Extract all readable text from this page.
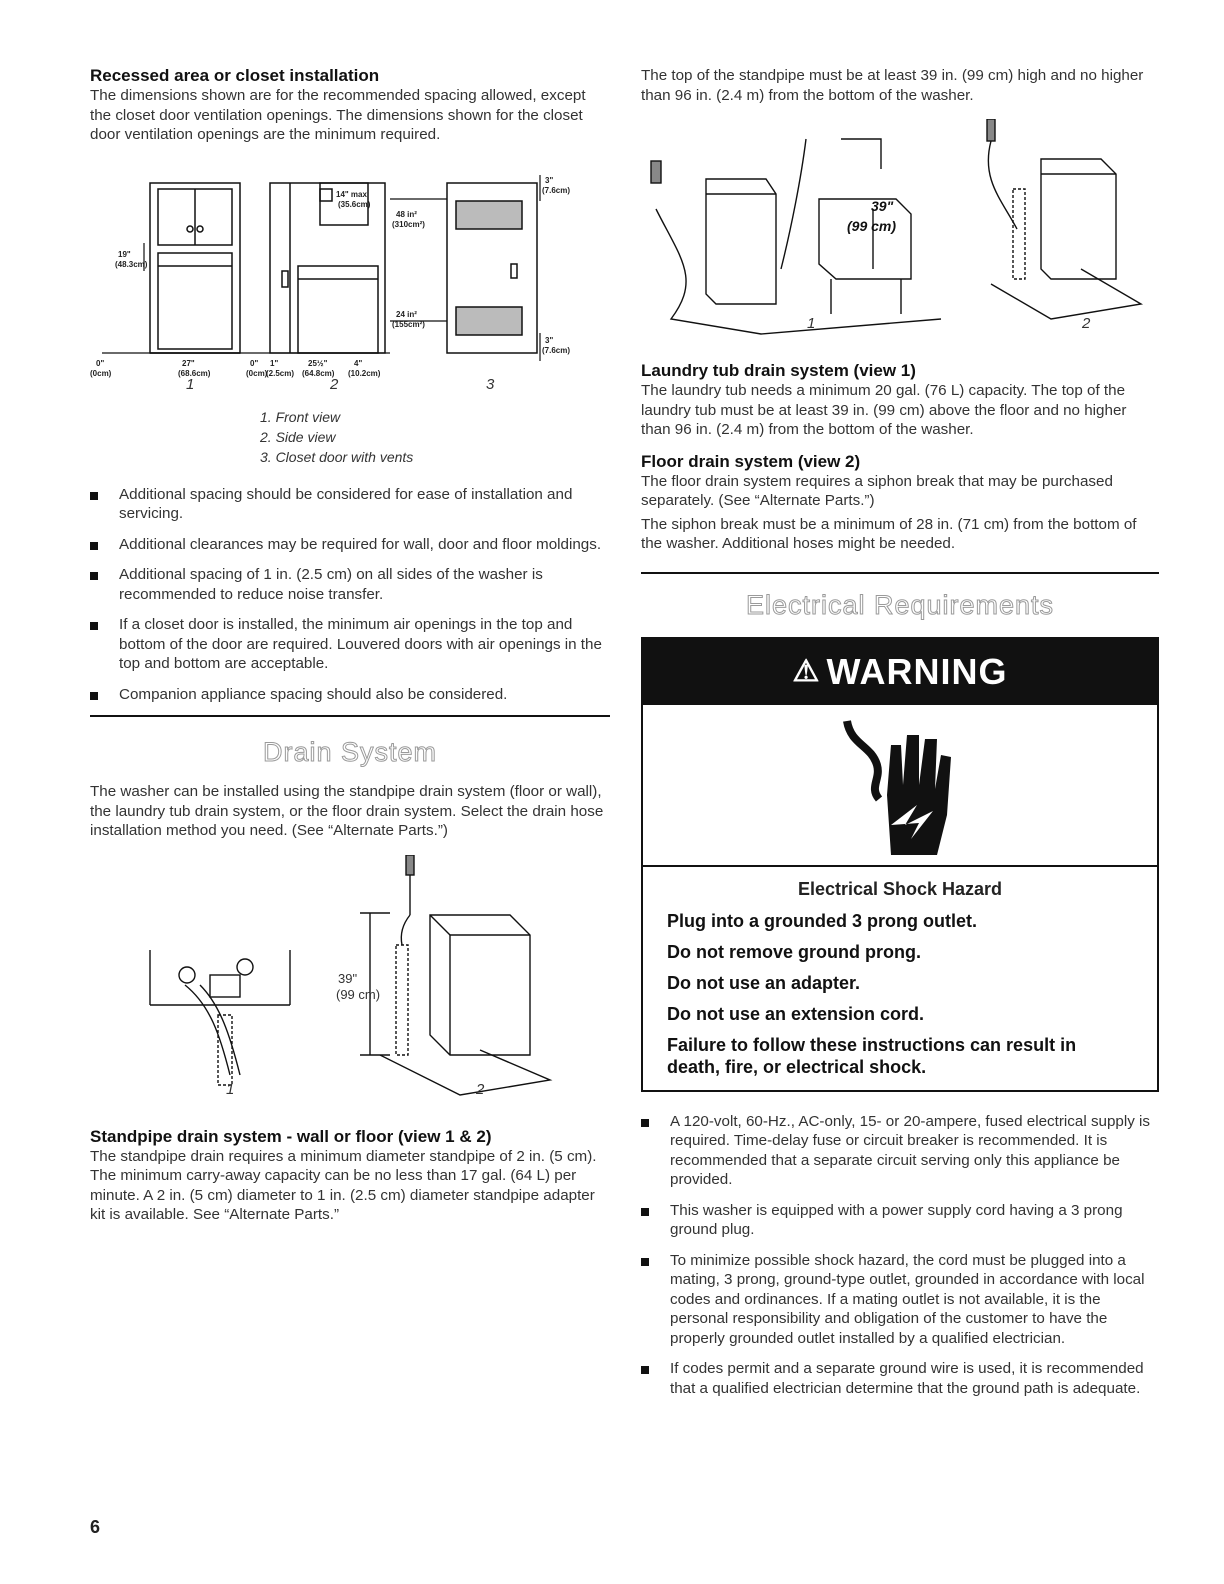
Recessed area or closet installation

The dimensions shown are for the recommended spacing allowed, except the closet door ventilation openings. The dimensions shown for the closet door ventilation openings are the minimum required.

19"
(48.3cm)
0"
(0cm)
27"
(68.6cm)
0"
(0cm)
1"
(2.5cm)
25½"
(64.8cm)
4"
(10.2cm)
14" max.
(35.6cm)
48 in²
(310cm²)
24 in²
(155cm²)
3"
(7.6cm)
3"
(7.6cm)
1	2	3
1. Front view
2. Side view
3. Closet door with vents
Additional spacing should be considered for ease of installation and servicing.
Additional clearances may be required for wall, door and floor moldings.
Additional spacing of 1 in. (2.5 cm) on all sides of the washer is recommended to reduce noise transfer.
If a closet door is installed, the minimum air openings in the top and bottom of the door are required. Louvered doors with air openings in the top and bottom are acceptable.
Companion appliance spacing should also be considered.
Drain System

The washer can be installed using the standpipe drain system (floor or wall), the laundry tub drain system, or the floor drain system. Select the drain hose installation method you need. (See “Alternate Parts.”)

39"
(99 cm)
1	2
Standpipe drain system - wall or floor (view 1 & 2)

The standpipe drain requires a minimum diameter standpipe of 2 in. (5 cm). The minimum carry-away capacity can be no less than 17 gal. (64 L) per minute. A 2 in. (5 cm) diameter to 1 in. (2.5 cm) diameter standpipe adapter kit is available. See “Alternate Parts.”

The top of the standpipe must be at least 39 in. (99 cm) high and no higher than 96 in. (2.4 m) from the bottom of the washer.

39"
(99 cm)
1	2
Laundry tub drain system (view 1)

The laundry tub needs a minimum 20 gal. (76 L) capacity. The top of the laundry tub must be at least 39 in. (99 cm) above the floor and no higher than 96 in. (2.4 m) from the bottom of the washer.

Floor drain system (view 2)

The floor drain system requires a siphon break that may be purchased separately. (See “Alternate Parts.”)

The siphon break must be a minimum of 28 in. (71 cm) from the bottom of the washer. Additional hoses might be needed.

Electrical Requirements
⚠ WARNING
Electrical Shock Hazard
Plug into a grounded 3 prong outlet.
Do not remove ground prong.
Do not use an adapter.
Do not use an extension cord.
Failure to follow these instructions can result in death, fire, or electrical shock.
A 120-volt, 60-Hz., AC-only, 15- or 20-ampere, fused electrical supply is required. Time-delay fuse or circuit breaker is recommended. It is recommended that a separate circuit serving only this appliance be provided.
This washer is equipped with a power supply cord having a 3 prong ground plug.
To minimize possible shock hazard, the cord must be plugged into a mating, 3 prong, ground-type outlet, grounded in accordance with local codes and ordinances. If a mating outlet is not available, it is the personal responsibility and obligation of the customer to have the properly grounded outlet installed by a qualified electrician.
If codes permit and a separate ground wire is used, it is recommended that a qualified electrician determine that the ground path is adequate.
6
